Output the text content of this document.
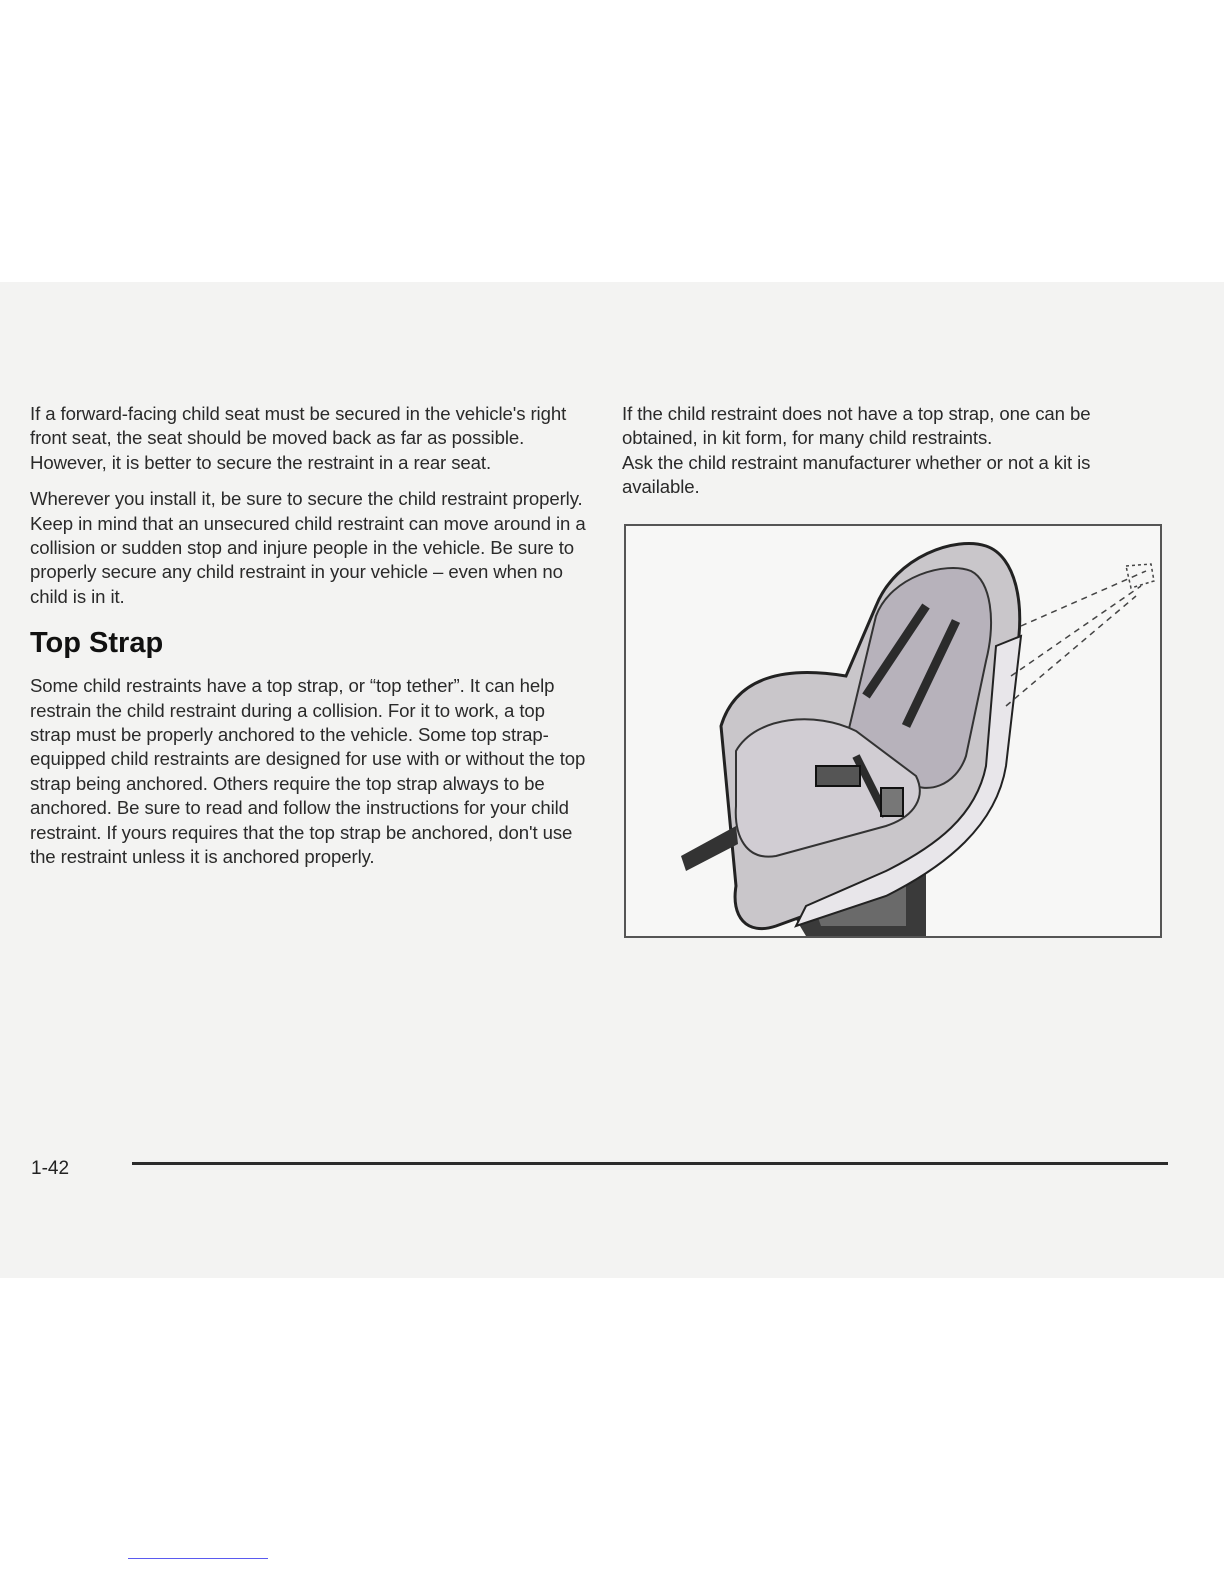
If a forward-facing child seat must be secured in the vehicle's right front seat, the seat should be moved back as far as possible. However, it is better to secure the restraint in a rear seat.

Wherever you install it, be sure to secure the child restraint properly. Keep in mind that an unsecured child restraint can move around in a collision or sudden stop and injure people in the vehicle. Be sure to properly secure any child restraint in your vehicle – even when no child is in it.

Top Strap

Some child restraints have a top strap, or “top tether”. It can help restrain the child restraint during a collision. For it to work, a top strap must be properly anchored to the vehicle. Some top strap-equipped child restraints are designed for use with or without the top strap being anchored. Others require the top strap always to be anchored. Be sure to read and follow the instructions for your child restraint. If yours requires that the top strap be anchored, don't use the restraint unless it is anchored properly.

If the child restraint does not have a top strap, one can be obtained, in kit form, for many child restraints.

Ask the child restraint manufacturer whether or not a kit is available.

1-42
